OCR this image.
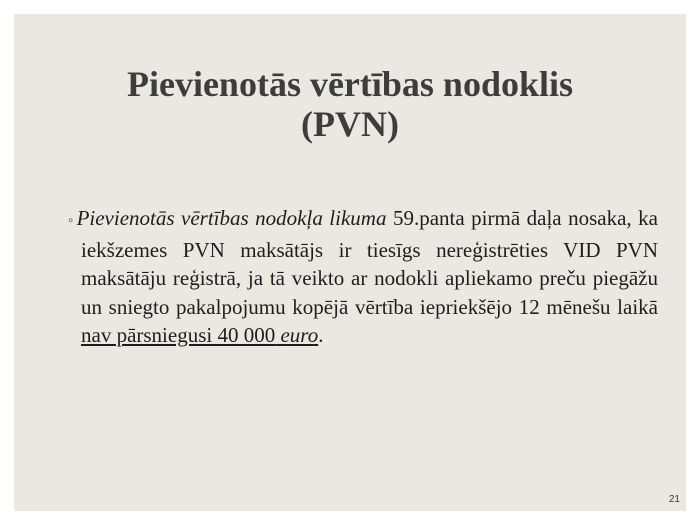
Pievienotās vērtības nodoklis
(PVN)

◦Pievienotās vērtības nodokļa likuma 59.panta pirmā daļa nosaka, ka iekšzemes PVN maksātājs ir tiesīgs nereģistrēties VID PVN maksātāju reģistrā, ja tā veikto ar nodokli apliekamo preču piegāžu un sniegto pakalpojumu kopējā vērtība iepriekšējo 12 mēnešu laikā nav pārsniegusi 40 000 euro.

21
